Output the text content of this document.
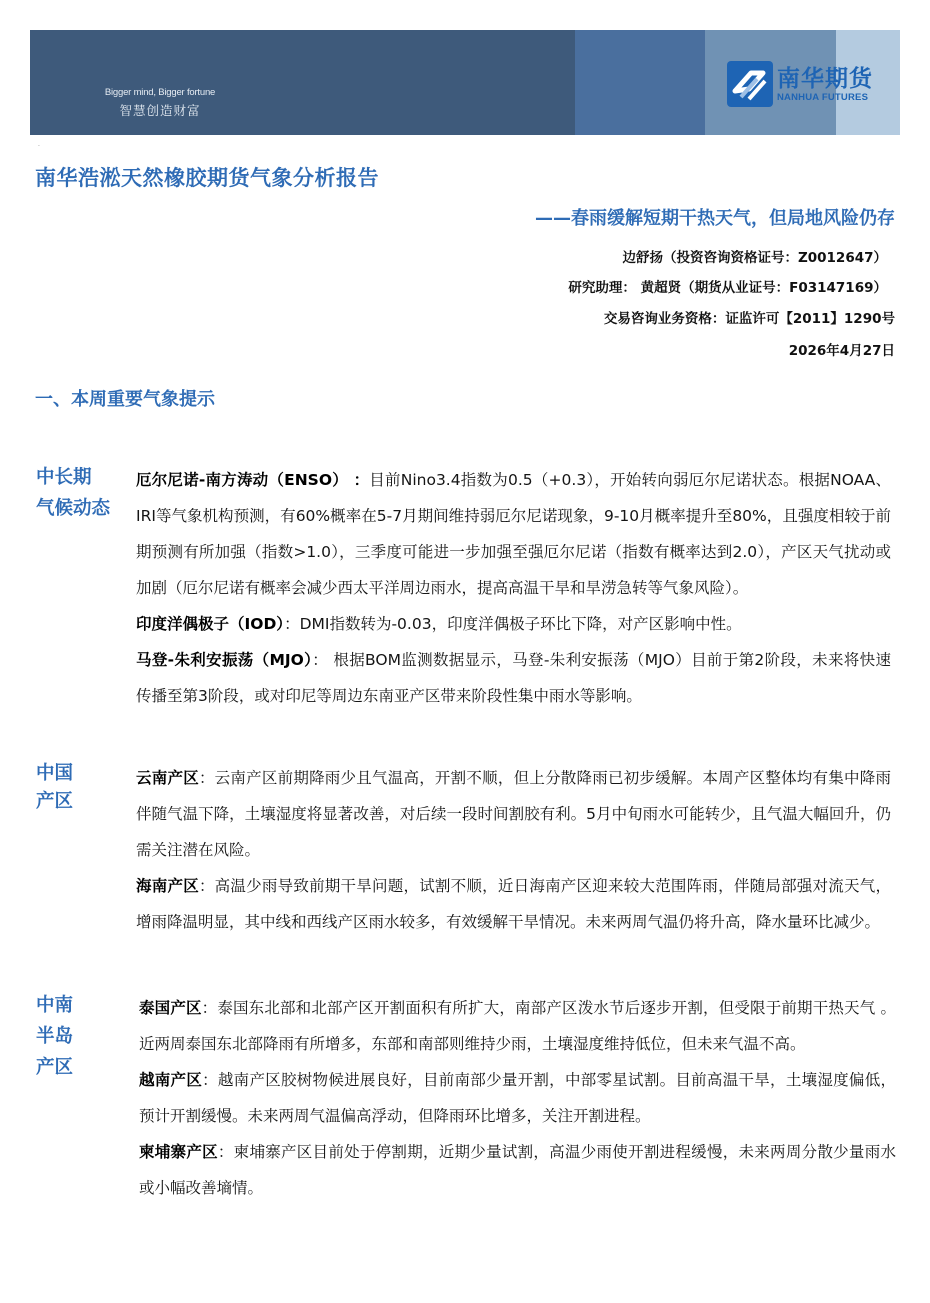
Bigger mind, Bigger fortune
智慧创造财富
南华期货
NANHUA FUTURES
·
南华浩淞天然橡胶期货气象分析报告
——春雨缓解短期干热天气，但局地风险仍存
边舒扬（投资咨询资格证号：Z0012647）
研究助理： 黄超贤（期货从业证号：F03147169）
交易咨询业务资格：证监许可【2011】1290号
2026年4月27日
一、本周重要气象提示
中长期
气候动态

厄尔尼诺-南方涛动（ENSO） ：目前Nino3.4指数为0.5（+0.3），开始转向弱厄尔尼诺状态。根据NOAA、IRI等气象机构预测，有60%概率在5-7月期间维持弱厄尔尼诺现象，9-10月概率提升至80%，且强度相较于前期预测有所加强（指数>1.0），三季度可能进一步加强至强厄尔尼诺（指数有概率达到2.0），产区天气扰动或加剧（厄尔尼诺有概率会减少西太平洋周边雨水，提高高温干旱和旱涝急转等气象风险）。

印度洋偶极子（IOD）：DMI指数转为-0.03，印度洋偶极子环比下降，对产区影响中性。

马登-朱利安振荡（MJO）： 根据BOM监测数据显示，马登-朱利安振荡（MJO）目前于第2阶段，未来将快速传播至第3阶段，或对印尼等周边东南亚产区带来阶段性集中雨水等影响。

中国
产区

云南产区：云南产区前期降雨少且气温高，开割不顺，但上分散降雨已初步缓解。本周产区整体均有集中降雨伴随气温下降，土壤湿度将显著改善，对后续一段时间割胶有利。5月中旬雨水可能转少，且气温大幅回升，仍需关注潜在风险。

海南产区：高温少雨导致前期干旱问题，试割不顺，近日海南产区迎来较大范围阵雨，伴随局部强对流天气，增雨降温明显，其中线和西线产区雨水较多，有效缓解干旱情况。未来两周气温仍将升高，降水量环比减少。

中南
半岛
产区

泰国产区：泰国东北部和北部产区开割面积有所扩大，南部产区泼水节后逐步开割，但受限于前期干热天气 。近两周泰国东北部降雨有所增多，东部和南部则维持少雨，土壤湿度维持低位，但未来气温不高。

越南产区：越南产区胶树物候进展良好，目前南部少量开割，中部零星试割。目前高温干旱，土壤湿度偏低，预计开割缓慢。未来两周气温偏高浮动，但降雨环比增多，关注开割进程。

柬埔寨产区：柬埔寨产区目前处于停割期，近期少量试割，高温少雨使开割进程缓慢，未来两周分散少量雨水或小幅改善墒情。
